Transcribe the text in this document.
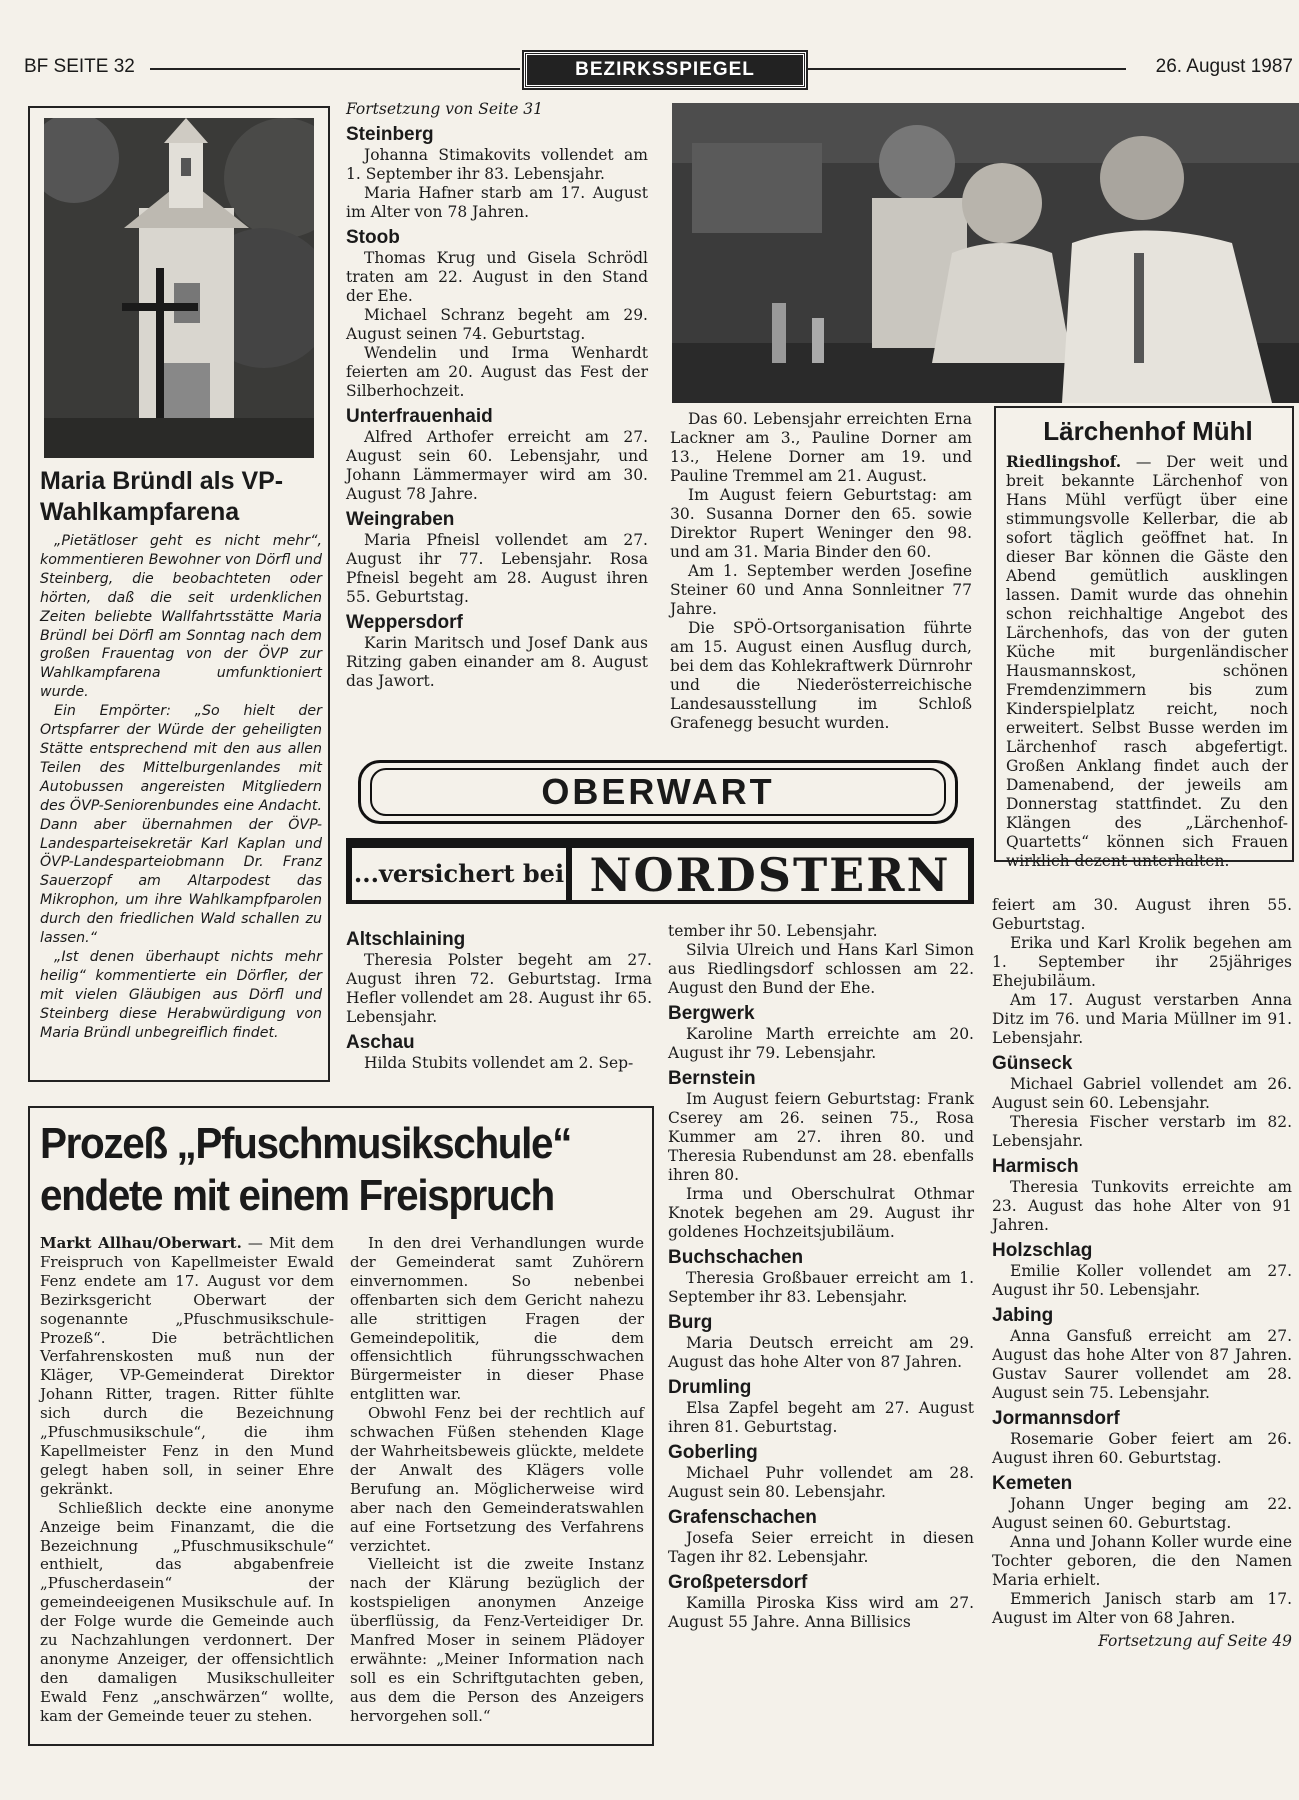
BF SEITE 32	BEZIRKSSPIEGEL	26. August 1987
Maria Bründl als VP-Wahlkampfarena

„Pietätloser geht es nicht mehr“, kommentieren Bewohner von Dörfl und Steinberg, die beobachteten oder hörten, daß die seit urdenklichen Zeiten beliebte Wallfahrtsstätte Maria Bründl bei Dörfl am Sonntag nach dem großen Frauentag von der ÖVP zur Wahlkampfarena umfunktioniert wurde.

Ein Empörter: „So hielt der Ortspfarrer der Würde der geheiligten Stätte entsprechend mit den aus allen Teilen des Mittelburgenlandes mit Autobussen angereisten Mitgliedern des ÖVP-Seniorenbundes eine Andacht. Dann aber übernahmen der ÖVP-Landesparteisekretär Karl Kaplan und ÖVP-Landesparteiobmann Dr. Franz Sauerzopf am Altarpodest das Mikrophon, um ihre Wahlkampfparolen durch den friedlichen Wald schallen zu lassen.“

„Ist denen überhaupt nichts mehr heilig“ kommentierte ein Dörfler, der mit vielen Gläubigen aus Dörfl und Steinberg diese Herabwürdigung von Maria Bründl unbegreiflich findet.

Fortsetzung von Seite 31

Steinberg

Johanna Stimakovits vollendet am 1. September ihr 83. Lebensjahr.

Maria Hafner starb am 17. August im Alter von 78 Jahren.

Stoob

Thomas Krug und Gisela Schrödl traten am 22. August in den Stand der Ehe.

Michael Schranz begeht am 29. August seinen 74. Geburtstag.

Wendelin und Irma Wenhardt feierten am 20. August das Fest der Silberhochzeit.

Unterfrauenhaid

Alfred Arthofer erreicht am 27. August sein 60. Lebensjahr, und Johann Lämmermayer wird am 30. August 78 Jahre.

Weingraben

Maria Pfneisl vollendet am 27. August ihr 77. Lebensjahr. Rosa Pfneisl begeht am 28. August ihren 55. Geburtstag.

Weppersdorf

Karin Maritsch und Josef Dank aus Ritzing gaben einander am 8. August das Jawort.

Das 60. Lebensjahr erreichten Erna Lackner am 3., Pauline Dorner am 13., Helene Dorner am 19. und Pauline Tremmel am 21. August.

Im August feiern Geburtstag: am 30. Susanna Dorner den 65. sowie Direktor Rupert Weninger den 98. und am 31. Maria Binder den 60.

Am 1. September werden Josefine Steiner 60 und Anna Sonnleitner 77 Jahre.

Die SPÖ-Ortsorganisation führte am 15. August einen Ausflug durch, bei dem das Kohlekraftwerk Dürnrohr und die Niederösterreichische Landesausstellung im Schloß Grafenegg besucht wurden.

Lärchenhof Mühl

Riedlingshof. — Der weit und breit bekannte Lärchenhof von Hans Mühl verfügt über eine stimmungsvolle Kellerbar, die ab sofort täglich geöffnet hat. In dieser Bar können die Gäste den Abend gemütlich ausklingen lassen. Damit wurde das ohnehin schon reichhaltige Angebot des Lärchenhofs, das von der guten Küche mit burgenländischer Hausmannskost, schönen Fremdenzimmern bis zum Kinderspielplatz reicht, noch erweitert. Selbst Busse werden im Lärchenhof rasch abgefertigt. Großen Anklang findet auch der Damenabend, der jeweils am Donnerstag stattfindet. Zu den Klängen des „Lärchenhof-Quartetts“ können sich Frauen wirklich dezent unterhalten.

OBERWART
...versichert bei NORDSTERN
Altschlaining

Theresia Polster begeht am 27. August ihren 72. Geburtstag. Irma Hefler vollendet am 28. August ihr 65. Lebensjahr.

Aschau

Hilda Stubits vollendet am 2. Sep-

tember ihr 50. Lebensjahr.

Silvia Ulreich und Hans Karl Simon aus Riedlingsdorf schlossen am 22. August den Bund der Ehe.

Bergwerk

Karoline Marth erreichte am 20. August ihr 79. Lebensjahr.

Bernstein

Im August feiern Geburtstag: Frank Cserey am 26. seinen 75., Rosa Kummer am 27. ihren 80. und Theresia Rubendunst am 28. ebenfalls ihren 80.

Irma und Oberschulrat Othmar Knotek begehen am 29. August ihr goldenes Hochzeitsjubiläum.

Buchschachen

Theresia Großbauer erreicht am 1. September ihr 83. Lebensjahr.

Burg

Maria Deutsch erreicht am 29. August das hohe Alter von 87 Jahren.

Drumling

Elsa Zapfel begeht am 27. August ihren 81. Geburtstag.

Goberling

Michael Puhr vollendet am 28. August sein 80. Lebensjahr.

Grafenschachen

Josefa Seier erreicht in diesen Tagen ihr 82. Lebensjahr.

Großpetersdorf

Kamilla Piroska Kiss wird am 27. August 55 Jahre. Anna Billisics

feiert am 30. August ihren 55. Geburtstag.

Erika und Karl Krolik begehen am 1. September ihr 25jähriges Ehejubiläum.

Am 17. August verstarben Anna Ditz im 76. und Maria Müllner im 91. Lebensjahr.

Günseck

Michael Gabriel vollendet am 26. August sein 60. Lebensjahr.

Theresia Fischer verstarb im 82. Lebensjahr.

Harmisch

Theresia Tunkovits erreichte am 23. August das hohe Alter von 91 Jahren.

Holzschlag

Emilie Koller vollendet am 27. August ihr 50. Lebensjahr.

Jabing

Anna Gansfuß erreicht am 27. August das hohe Alter von 87 Jahren. Gustav Saurer vollendet am 28. August sein 75. Lebensjahr.

Jormannsdorf

Rosemarie Gober feiert am 26. August ihren 60. Geburtstag.

Kemeten

Johann Unger beging am 22. August seinen 60. Geburtstag.

Anna und Johann Koller wurde eine Tochter geboren, die den Namen Maria erhielt.

Emmerich Janisch starb am 17. August im Alter von 68 Jahren.

Fortsetzung auf Seite 49

Prozeß „Pfuschmusikschule“ endete mit einem Freispruch

Markt Allhau/Oberwart. — Mit dem Freispruch von Kapellmeister Ewald Fenz endete am 17. August vor dem Bezirksgericht Oberwart der sogenannte „Pfuschmusikschule-Prozeß“. Die beträchtlichen Verfahrenskosten muß nun der Kläger, VP-Gemeinderat Direktor Johann Ritter, tragen. Ritter fühlte sich durch die Bezeichnung „Pfuschmusikschule“, die ihm Kapellmeister Fenz in den Mund gelegt haben soll, in seiner Ehre gekränkt.

Schließlich deckte eine anonyme Anzeige beim Finanzamt, die die Bezeichnung „Pfuschmusikschule“ enthielt, das abgabenfreie „Pfuscherdasein“ der gemeindeeigenen Musikschule auf. In der Folge wurde die Gemeinde auch zu Nachzahlungen verdonnert. Der anonyme Anzeiger, der offensichtlich den damaligen Musikschulleiter Ewald Fenz „anschwärzen“ wollte, kam der Gemeinde teuer zu stehen.

In den drei Verhandlungen wurde der Gemeinderat samt Zuhörern einvernommen. So nebenbei offenbarten sich dem Gericht nahezu alle strittigen Fragen der Gemeindepolitik, die dem offensichtlich führungsschwachen Bürgermeister in dieser Phase entglitten war.

Obwohl Fenz bei der rechtlich auf schwachen Füßen stehenden Klage der Wahrheitsbeweis glückte, meldete der Anwalt des Klägers volle Berufung an. Möglicherweise wird aber nach den Gemeinderatswahlen auf eine Fortsetzung des Verfahrens verzichtet.

Vielleicht ist die zweite Instanz nach der Klärung bezüglich der kostspieligen anonymen Anzeige überflüssig, da Fenz-Verteidiger Dr. Manfred Moser in seinem Plädoyer erwähnte: „Meiner Information nach soll es ein Schriftgutachten geben, aus dem die Person des Anzeigers hervorgehen soll.“
